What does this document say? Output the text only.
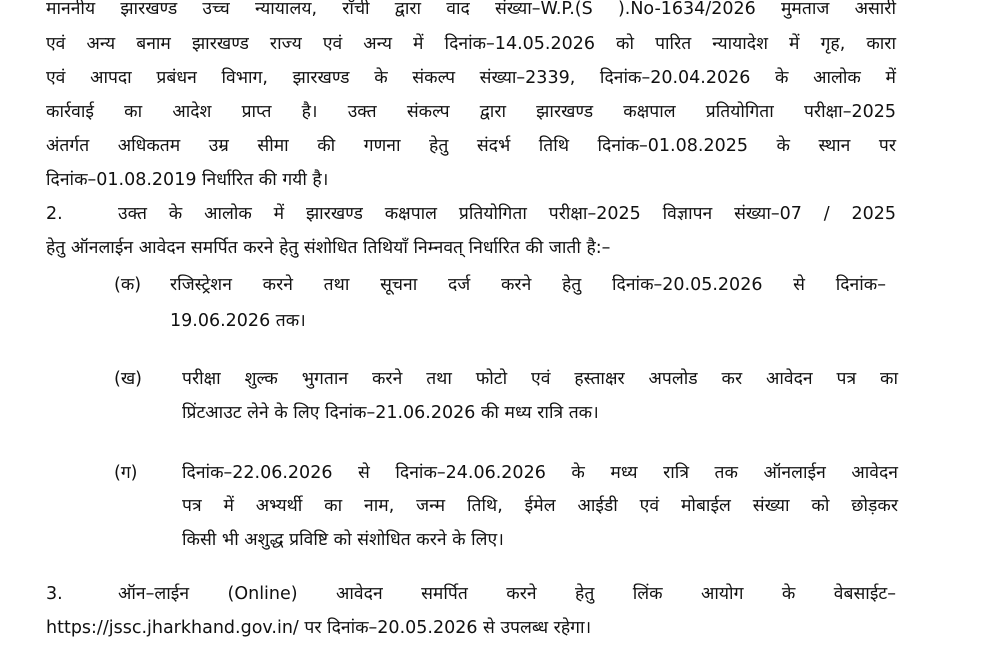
माननीय झारखण्ड उच्च न्यायालय, राँची द्वारा वाद संख्या–W.P.(S ).No-1634/2026 मुमताज असारी
एवं अन्य बनाम झारखण्ड राज्य एवं अन्य में दिनांक–14.05.2026 को पारित न्यायादेश में गृह, कारा
एवं आपदा प्रबंधन विभाग, झारखण्ड के संकल्प संख्या–2339, दिनांक–20.04.2026 के आलोक में
कार्रवाई का आदेश प्राप्त है। उक्त संकल्प द्वारा झारखण्ड कक्षपाल प्रतियोगिता परीक्षा–2025
अंतर्गत अधिकतम उम्र सीमा की गणना हेतु संदर्भ तिथि दिनांक–01.08.2025 के स्थान पर
दिनांक–01.08.2019 निर्धारित की गयी है।
2.	उक्त के आलोक में झारखण्ड कक्षपाल प्रतियोगिता परीक्षा–2025 विज्ञापन संख्या–07 / 2025
हेतु ऑनलाईन आवेदन समर्पित करने हेतु संशोधित तिथियाँ निम्नवत् निर्धारित की जाती है:–
(क)	रजिस्ट्रेशन करने तथा सूचना दर्ज करने हेतु दिनांक–20.05.2026 से दिनांक–
19.06.2026 तक।
(ख)	परीक्षा शुल्क भुगतान करने तथा फोटो एवं हस्ताक्षर अपलोड कर आवेदन पत्र का
प्रिंटआउट लेने के लिए दिनांक–21.06.2026 की मध्य रात्रि तक।
(ग)	दिनांक–22.06.2026 से दिनांक–24.06.2026 के मध्य रात्रि तक ऑनलाईन आवेदन
पत्र में अभ्यर्थी का नाम, जन्म तिथि, ईमेल आईडी एवं मोबाईल संख्या को छोड़कर
किसी भी अशुद्ध प्रविष्टि को संशोधित करने के लिए।
3.	ऑन–लाईन (Online) आवेदन समर्पित करने हेतु लिंक आयोग के वेबसाईट–
https://jssc.jharkhand.gov.in/ पर दिनांक–20.05.2026 से उपलब्ध रहेगा।
